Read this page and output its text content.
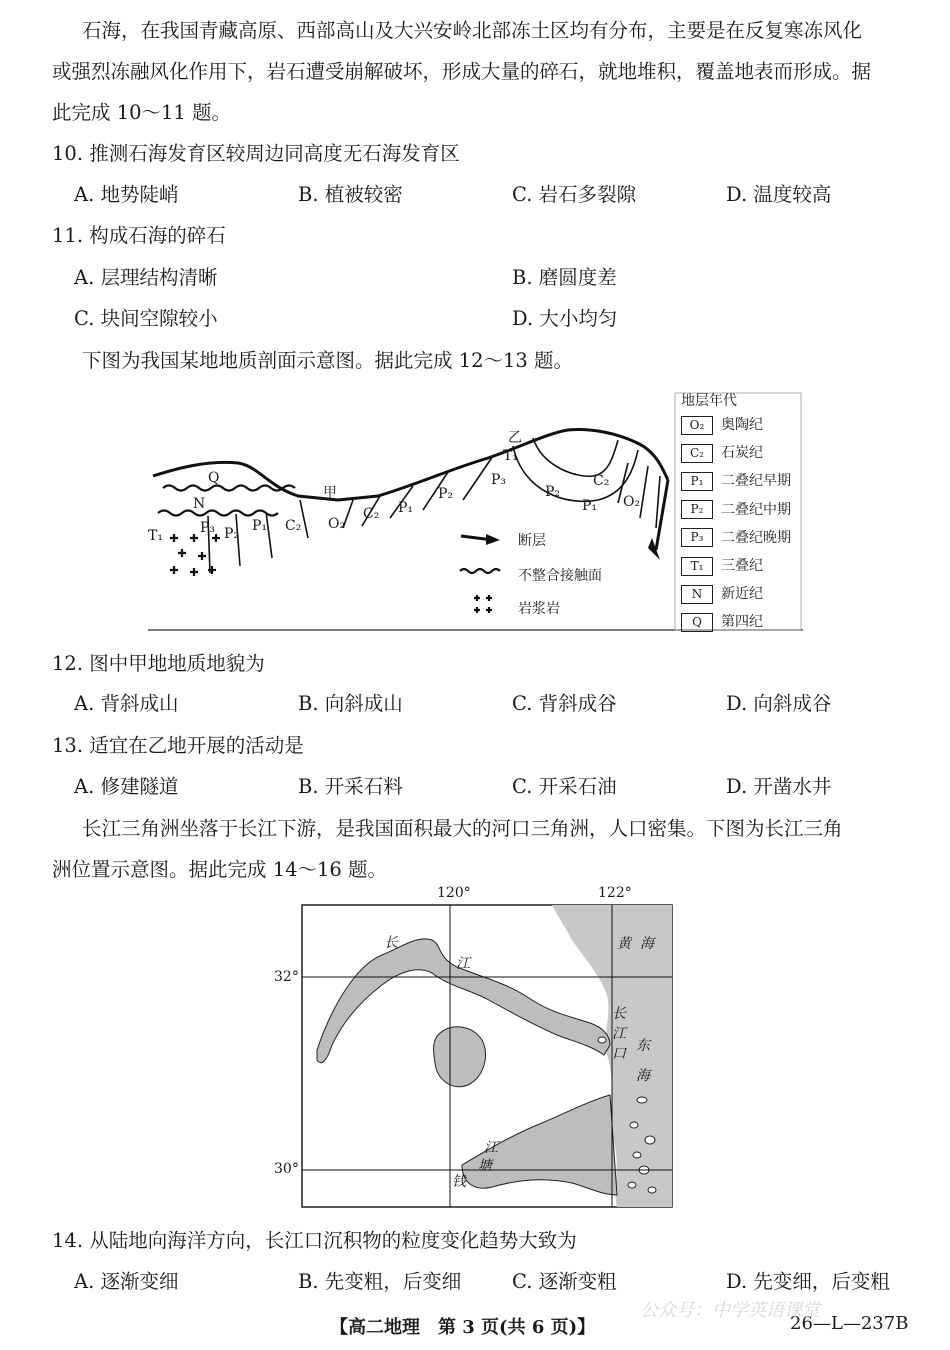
石海，在我国青藏高原、西部高山及大兴安岭北部冻土区均有分布，主要是在反复寒冻风化
或强烈冻融风化作用下，岩石遭受崩解破坏，形成大量的碎石，就地堆积，覆盖地表而形成。据
此完成 10～11 题。
10. 推测石海发育区较周边同高度无石海发育区
A. 地势陡峭	B. 植被较密	C. 岩石多裂隙	D. 温度较高
11. 构成石海的碎石
A. 层理结构清晰	B. 磨圆度差
C. 块间空隙较小	D. 大小均匀
下图为我国某地地质剖面示意图。据此完成 12～13 题。
乙
T₁
甲
Q
N
T₁	P₃ P₂ P₁ C₂ O₂
C₂ P₁
P₂
P₃
P₂
P₁
C₂
O₂
断层
不整合接触面
岩浆岩
地层年代
O₂ 奥陶纪
C₂ 石炭纪
P₁ 二叠纪早期
P₂ 二叠纪中期
P₃ 二叠纪晚期
T₁ 三叠纪
N 新近纪
Q 第四纪
12. 图中甲地地质地貌为
A. 背斜成山	B. 向斜成山	C. 背斜成谷	D. 向斜成谷
13. 适宜在乙地开展的活动是
A. 修建隧道	B. 开采石料	C. 开采石油	D. 开凿水井
长江三角洲坐落于长江下游，是我国面积最大的河口三角洲，人口密集。下图为长江三角
洲位置示意图。据此完成 14～16 题。
120°	122°
32°
30°
黄 海
东
海
长
江
长
江
口
江
塘
钱
14. 从陆地向海洋方向，长江口沉积物的粒度变化趋势大致为
A. 逐渐变细	B. 先变粗，后变细	C. 逐渐变粗	D. 先变细，后变粗
【高二地理　第 3 页(共 6 页)】	26—L—237B
公众号：中学英语课堂
